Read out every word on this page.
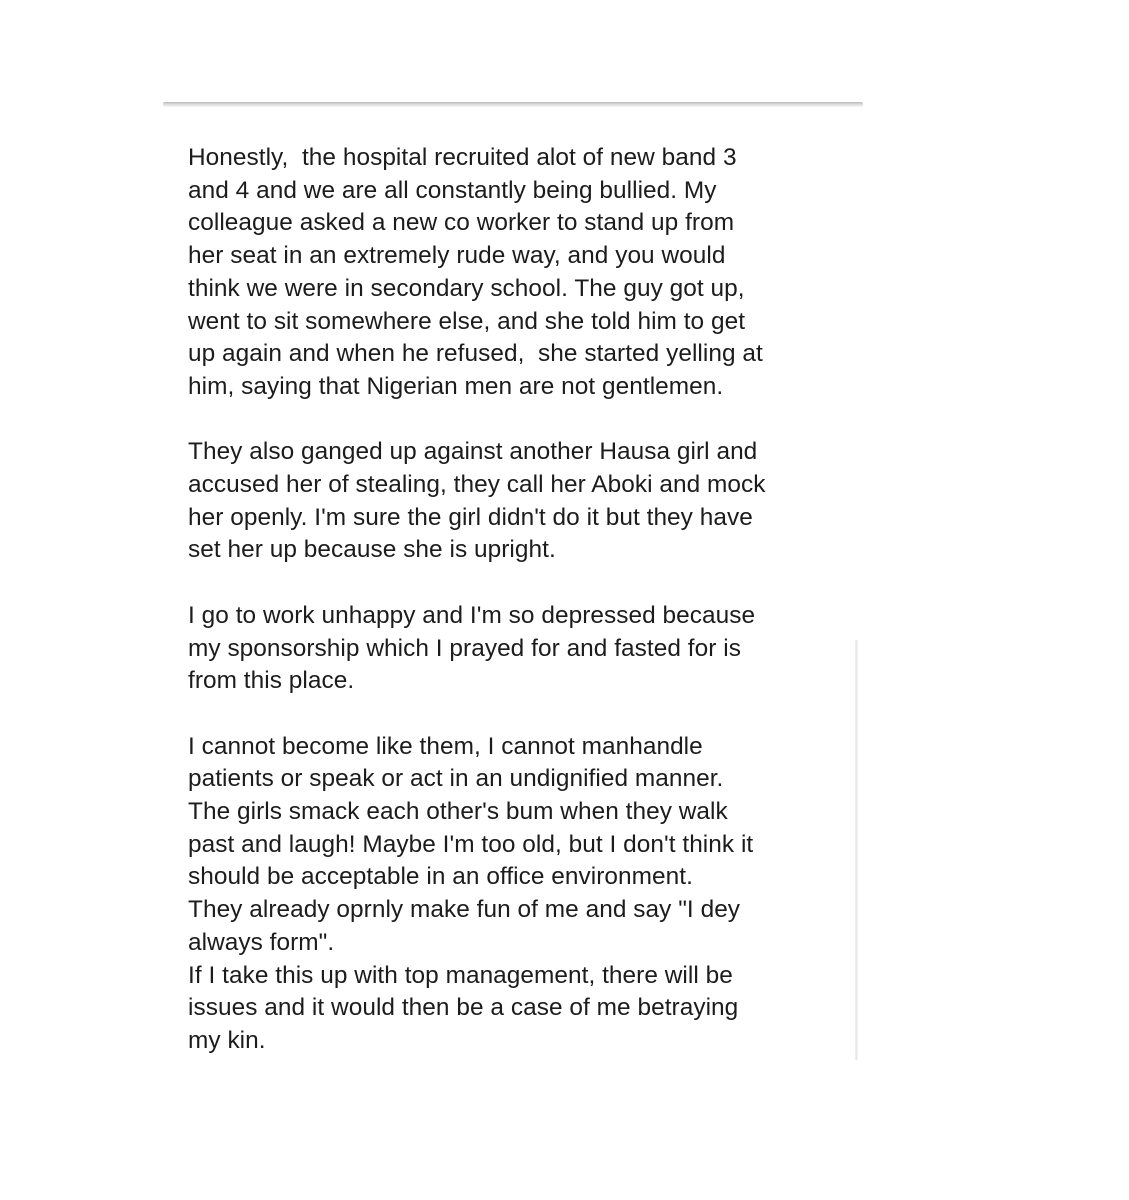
Honestly,  the hospital recruited alot of new band 3
and 4 and we are all constantly being bullied. My
colleague asked a new co worker to stand up from
her seat in an extremely rude way, and you would
think we were in secondary school. The guy got up,
went to sit somewhere else, and she told him to get
up again and when he refused,  she started yelling at
him, saying that Nigerian men are not gentlemen.
They also ganged up against another Hausa girl and
accused her of stealing, they call her Aboki and mock
her openly. I'm sure the girl didn't do it but they have
set her up because she is upright.
I go to work unhappy and I'm so depressed because
my sponsorship which I prayed for and fasted for is
from this place.
I cannot become like them, I cannot manhandle
patients or speak or act in an undignified manner.
The girls smack each other's bum when they walk
past and laugh! Maybe I'm too old, but I don't think it
should be acceptable in an office environment.
They already oprnly make fun of me and say "I dey
always form".
If I take this up with top management, there will be
issues and it would then be a case of me betraying
my kin.
